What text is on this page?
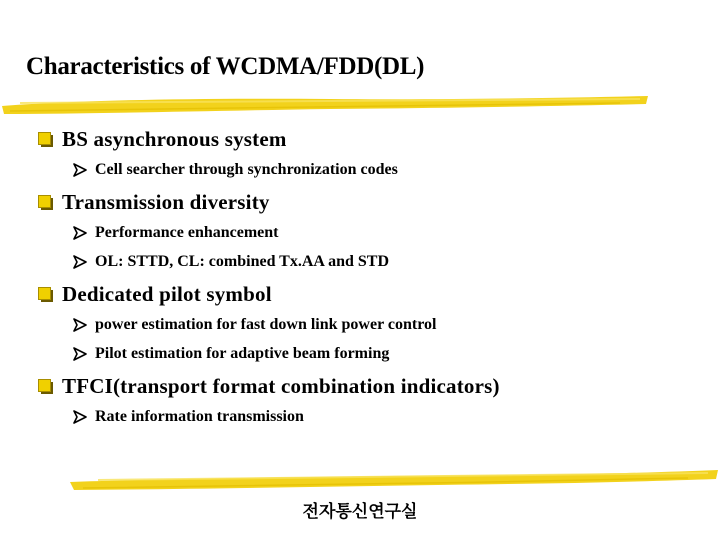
Characteristics of WCDMA/FDD(DL)
BS asynchronous system
Cell searcher through synchronization codes
Transmission diversity
Performance enhancement
OL: STTD, CL: combined Tx.AA and STD
Dedicated pilot symbol
power estimation for fast down link power control
Pilot estimation for adaptive beam forming
TFCI(transport format combination indicators)
Rate information transmission
전자통신연구실
